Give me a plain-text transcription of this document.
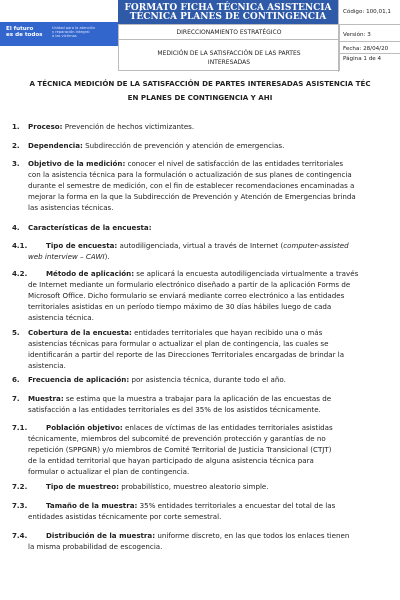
El futuro
es de todos
Unidad para la atención
y reparación integral
a las víctimas
FORMATO FICHA TÉCNICA ASISTENCIA
TÉCNICA PLANES DE CONTINGENCIA
DIRECCIONAMIENTO ESTRATÉGICO
MEDICIÓN DE LA SATISFACCIÓN DE LAS PARTES
INTERESADAS
Código: 100,01,1
Versión: 3
Fecha: 28/04/20
Página 1 de 4
A TÉCNICA MEDICIÓN DE LA SATISFACCIÓN DE PARTES INTERESADAS ASISTENCIA TÉC
EN PLANES DE CONTINGENCIA Y AHI
1. Proceso: Prevención de hechos victimizantes.
2. Dependencia: Subdirección de prevención y atención de emergencias.
3. Objetivo de la medición: conocer el nivel de satisfacción de las entidades territoriales
con la asistencia técnica para la formulación o actualización de sus planes de contingencia
durante el semestre de medición, con el fin de establecer recomendaciones encaminadas a
mejorar la forma en la que la Subdirección de Prevención y Atención de Emergencias brinda
las asistencias técnicas.
4. Características de la encuesta:
4.1.	Tipo de encuesta: autodiligenciada, virtual a través de Internet (computer-assisted
web interview – CAWI).
4.2.	Método de aplicación: se aplicará la encuesta autodiligenciada virtualmente a través
de Internet mediante un formulario electrónico diseñado a partir de la aplicación Forms de
Microsoft Office. Dicho formulario se enviará mediante correo electrónico a las entidades
territoriales asistidas en un período tiempo máximo de 30 días hábiles luego de cada
asistencia técnica.
5. Cobertura de la encuesta: entidades territoriales que hayan recibido una o más
asistencias técnicas para formular o actualizar el plan de contingencia, las cuales se
identificarán a partir del reporte de las Direcciones Territoriales encargadas de brindar la
asistencia.
6. Frecuencia de aplicación: por asistencia técnica, durante todo el año.
7. Muestra: se estima que la muestra a trabajar para la aplicación de las encuestas de
satisfacción a las entidades territoriales es del 35% de los asistidos técnicamente.
7.1.	Población objetivo: enlaces de víctimas de las entidades territoriales asistidas
técnicamente, miembros del subcomité de prevención protección y garantías de no
repetición (SPPGNR) y/o miembros de Comité Territorial de Justicia Transicional (CTJT)
de la entidad territorial que hayan participado de alguna asistencia técnica para
formular o actualizar el plan de contingencia.
7.2.	Tipo de muestreo: probabilístico, muestreo aleatorio simple.
7.3.	Tamaño de la muestra: 35% entidades territoriales a encuestar del total de las
entidades asistidas técnicamente por corte semestral.
7.4.	Distribución de la muestra: uniforme discreto, en las que todos los enlaces tienen
la misma probabilidad de escogencia.
